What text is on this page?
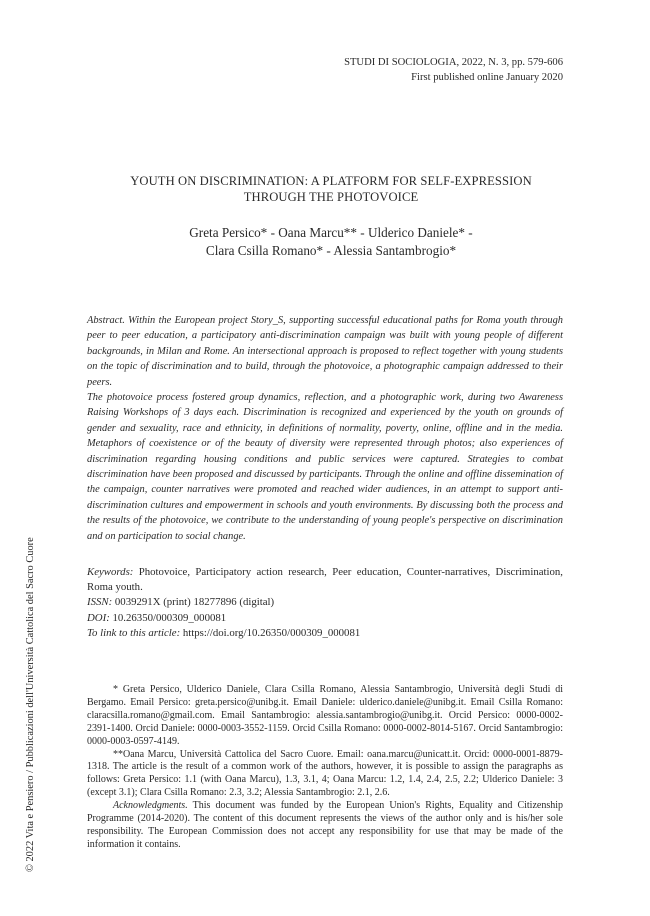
STUDI DI SOCIOLOGIA, 2022, N. 3, pp. 579-606
First published online January 2020
YOUTH ON DISCRIMINATION: A PLATFORM FOR SELF-EXPRESSION
THROUGH THE PHOTOVOICE
Greta Persico* - Oana Marcu** - Ulderico Daniele* -
Clara Csilla Romano* - Alessia Santambrogio*

Abstract. Within the European project Story_S, supporting successful educational paths for Roma youth through peer to peer education, a participatory anti-discrimination campaign was built with young people of different backgrounds, in Milan and Rome. An intersectional approach is proposed to reflect together with young students on the topic of discrimination and to build, through the photovoice, a photographic campaign addressed to their peers.

The photovoice process fostered group dynamics, reflection, and a photographic work, during two Awareness Raising Workshops of 3 days each. Discrimination is recognized and experienced by the youth on grounds of gender and sexuality, race and ethnicity, in definitions of normality, poverty, online, offline and in the media. Metaphors of coexistence or of the beauty of diversity were represented through photos; also experiences of discrimination regarding housing conditions and public services were captured. Strategies to combat discrimination have been proposed and discussed by participants. Through the online and offline dissemination of the campaign, counter narratives were promoted and reached wider audiences, in an attempt to support anti-discrimination cultures and empowerment in schools and youth environments. By discussing both the process and the results of the photovoice, we contribute to the understanding of young people's perspective on discrimination and on participation to social change.

Keywords: Photovoice, Participatory action research, Peer education, Counter-narratives, Discrimination, Roma youth.
ISSN: 0039291X (print) 18277896 (digital)
DOI: 10.26350/000309_000081
To link to this article: https://doi.org/10.26350/000309_000081

* Greta Persico, Ulderico Daniele, Clara Csilla Romano, Alessia Santambrogio, Università degli Studi di Bergamo. Email Persico: greta.persico@unibg.it. Email Daniele: ulderico.daniele@unibg.it. Email Csilla Romano: claracsilla.romano@gmail.com. Email Santambrogio: alessia.santambrogio@unibg.it. Orcid Persico: 0000-0002-2391-1400. Orcid Daniele: 0000-0003-3552-1159. Orcid Csilla Romano: 0000-0002-8014-5167. Orcid Santambrogio: 0000-0003-0597-4149.

**Oana Marcu, Università Cattolica del Sacro Cuore. Email: oana.marcu@unicatt.it. Orcid: 0000-0001-8879-1318. The article is the result of a common work of the authors, however, it is possible to assign the paragraphs as follows: Greta Persico: 1.1 (with Oana Marcu), 1.3, 3.1, 4; Oana Marcu: 1.2, 1.4, 2.4, 2.5, 2.2; Ulderico Daniele: 3 (except 3.1); Clara Csilla Romano: 2.3, 3.2; Alessia Santambrogio: 2.1, 2.6.

Acknowledgments. This document was funded by the European Union's Rights, Equality and Citizenship Programme (2014-2020). The content of this document represents the views of the author only and is his/her sole responsibility. The European Commission does not accept any responsibility for use that may be made of the information it contains.

© 2022 Vita e Pensiero / Pubblicazioni dell'Università Cattolica del Sacro Cuore
